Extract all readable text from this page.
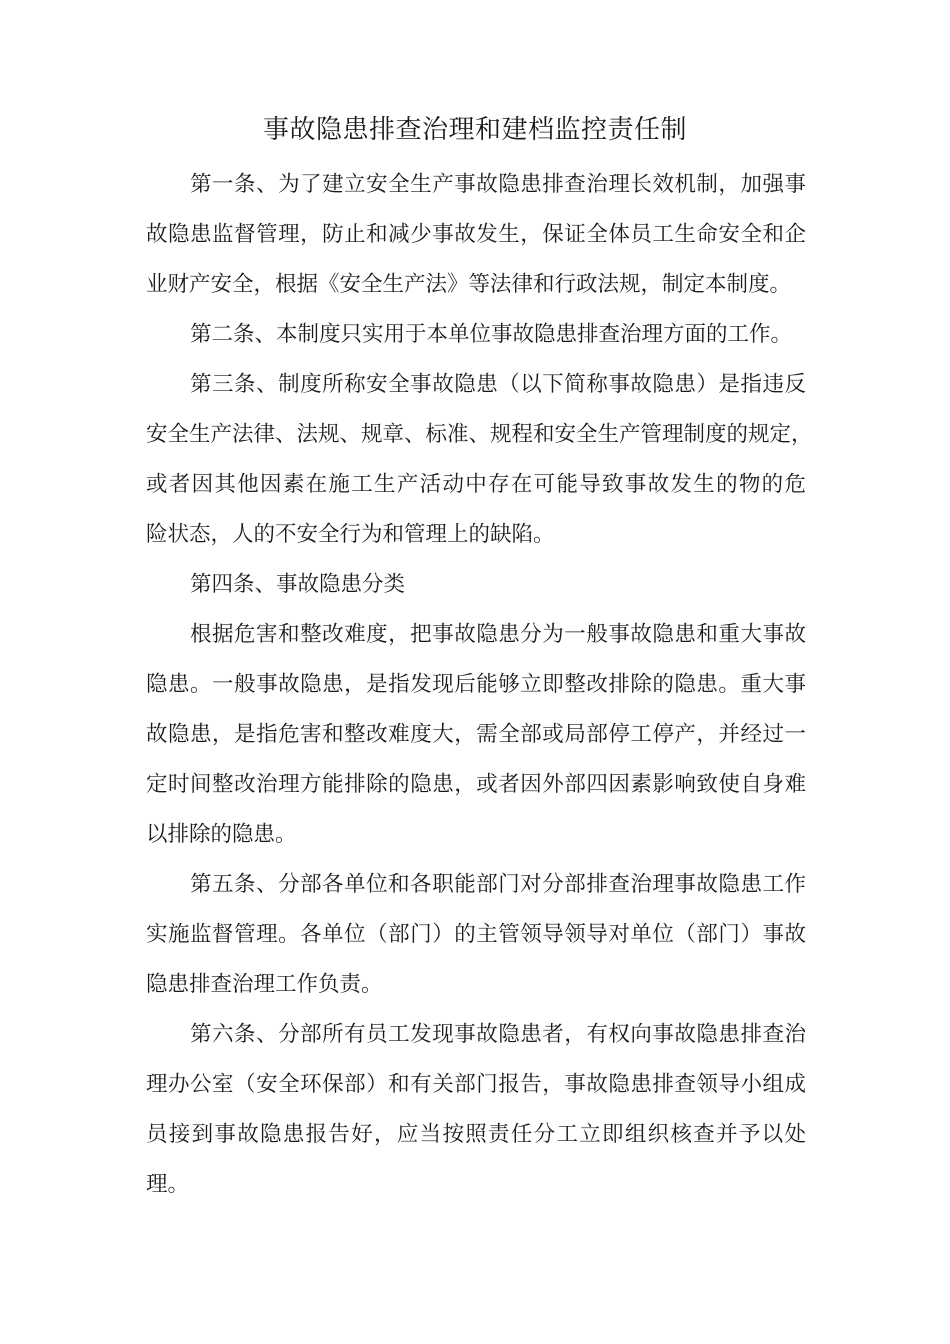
事故隐患排查治理和建档监控责任制
第一条、为了建立安全生产事故隐患排查治理长效机制，加强事
故隐患监督管理，防止和减少事故发生，保证全体员工生命安全和企
业财产安全，根据《安全生产法》等法律和行政法规，制定本制度。
第二条、本制度只实用于本单位事故隐患排查治理方面的工作。
第三条、制度所称安全事故隐患（以下简称事故隐患）是指违反
安全生产法律、法规、规章、标准、规程和安全生产管理制度的规定，
或者因其他因素在施工生产活动中存在可能导致事故发生的物的危
险状态，人的不安全行为和管理上的缺陷。
第四条、事故隐患分类
根据危害和整改难度，把事故隐患分为一般事故隐患和重大事故
隐患。一般事故隐患，是指发现后能够立即整改排除的隐患。重大事
故隐患，是指危害和整改难度大，需全部或局部停工停产，并经过一
定时间整改治理方能排除的隐患，或者因外部四因素影响致使自身难
以排除的隐患。
第五条、分部各单位和各职能部门对分部排查治理事故隐患工作
实施监督管理。各单位（部门）的主管领导领导对单位（部门）事故
隐患排查治理工作负责。
第六条、分部所有员工发现事故隐患者，有权向事故隐患排查治
理办公室（安全环保部）和有关部门报告，事故隐患排查领导小组成
员接到事故隐患报告好，应当按照责任分工立即组织核查并予以处
理。
